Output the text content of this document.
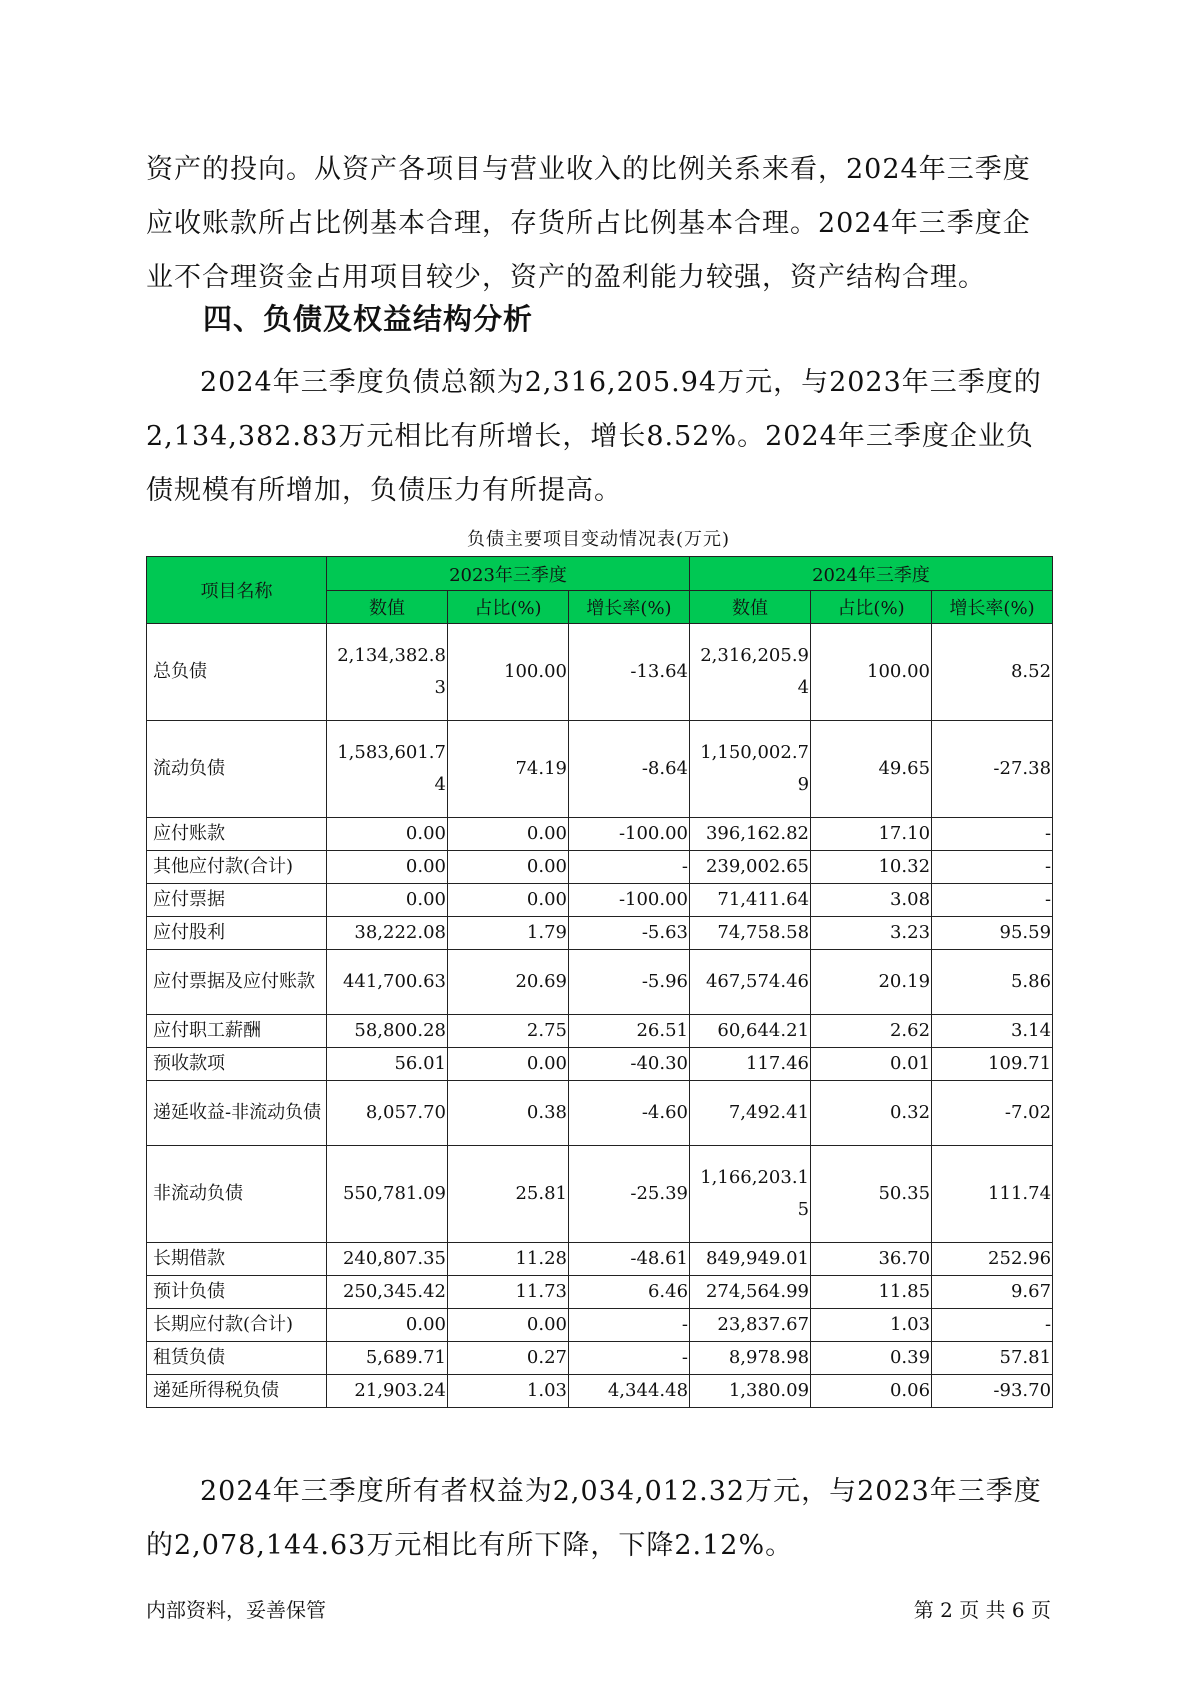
资产的投向。从资产各项目与营业收入的比例关系来看，2024年三季度应收账款所占比例基本合理，存货所占比例基本合理。2024年三季度企业不合理资金占用项目较少，资产的盈利能力较强，资产结构合理。

四、负债及权益结构分析

2024年三季度负债总额为2,316,205.94万元，与2023年三季度的2,134,382.83万元相比有所增长，增长8.52%。2024年三季度企业负债规模有所增加，负债压力有所提高。

负债主要项目变动情况表(万元)
项目名称	2023年三季度			2024年三季度		
	数值	占比(%)	增长率(%)	数值	占比(%)	增长率(%)
总负债	2,134,382.83	100.00	-13.64	2,316,205.94	100.00	8.52
流动负债	1,583,601.74	74.19	-8.64	1,150,002.79	49.65	-27.38
应付账款	0.00	0.00	-100.00	396,162.82	17.10	-
其他应付款(合计)	0.00	0.00	-	239,002.65	10.32	-
应付票据	0.00	0.00	-100.00	71,411.64	3.08	-
应付股利	38,222.08	1.79	-5.63	74,758.58	3.23	95.59
应付票据及应付账款	441,700.63	20.69	-5.96	467,574.46	20.19	5.86
应付职工薪酬	58,800.28	2.75	26.51	60,644.21	2.62	3.14
预收款项	56.01	0.00	-40.30	117.46	0.01	109.71
递延收益-非流动负债	8,057.70	0.38	-4.60	7,492.41	0.32	-7.02
非流动负债	550,781.09	25.81	-25.39	1,166,203.15	50.35	111.74
长期借款	240,807.35	11.28	-48.61	849,949.01	36.70	252.96
预计负债	250,345.42	11.73	6.46	274,564.99	11.85	9.67
长期应付款(合计)	0.00	0.00	-	23,837.67	1.03	-
租赁负债	5,689.71	0.27	-	8,978.98	0.39	57.81
递延所得税负债	21,903.24	1.03	4,344.48	1,380.09	0.06	-93.70

2024年三季度所有者权益为2,034,012.32万元，与2023年三季度的2,078,144.63万元相比有所下降，下降2.12%。

内部资料，妥善保管	第 2 页 共 6 页
